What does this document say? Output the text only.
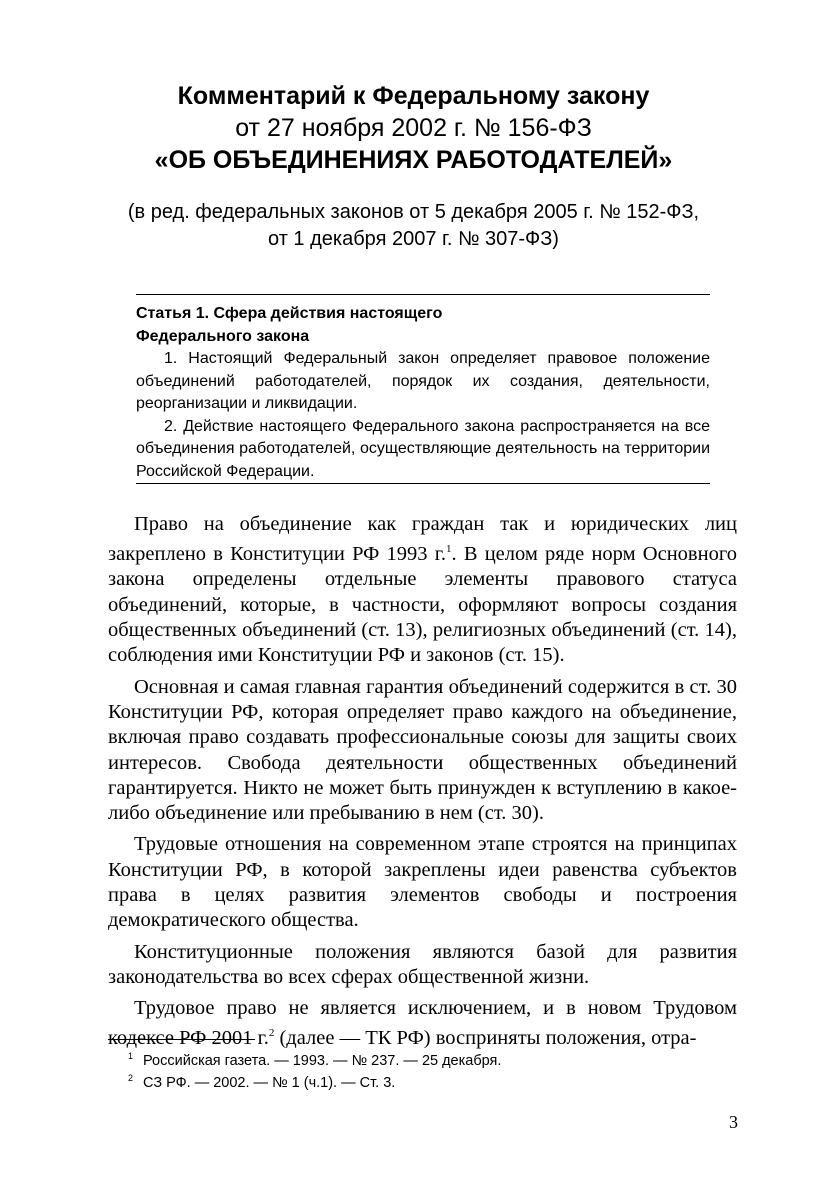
Комментарий к Федеральному закону
от 27 ноября 2002 г. № 156-ФЗ
«ОБ ОБЪЕДИНЕНИЯХ РАБОТОДАТЕЛЕЙ»
(в ред. федеральных законов от 5 декабря 2005 г. № 152-ФЗ,
от 1 декабря 2007 г. № 307-ФЗ)
Статья 1. Сфера действия настоящего
Федерального закона

1. Настоящий Федеральный закон определяет правовое положение объединений работодателей, порядок их создания, деятельности, реорганизации и ликвидации.

2. Действие настоящего Федерального закона распространяется на все объединения работодателей, осуществляющие деятельность на территории Российской Федерации.

Право на объединение как граждан так и юридических лиц закреплено в Конституции РФ 1993 г.$^1$. В целом ряде норм Основного закона определены отдельные элементы правового статуса объединений, которые, в частности, оформляют вопросы создания общественных объединений (ст. 13), религиозных объединений (ст. 14), соблюдения ими Конституции РФ и законов (ст. 15).

Основная и самая главная гарантия объединений содержится в ст. 30 Конституции РФ, которая определяет право каждого на объединение, включая право создавать профессиональные союзы для защиты своих интересов. Свобода деятельности общественных объединений гарантируется. Никто не может быть принужден к вступлению в какое-либо объединение или пребыванию в нем (ст. 30).

Трудовые отношения на современном этапе строятся на принципах Конституции РФ, в которой закреплены идеи равенства субъектов права в целях развития элементов свободы и построения демократического общества.

Конституционные положения являются базой для развития законодательства во всех сферах общественной жизни.

Трудовое право не является исключением, и в новом Трудовом кодексе РФ 2001 г.$^2$ (далее — ТК РФ) восприняты положения, отра-

$^1$ Российская газета. — 1993. — № 237. — 25 декабря.
$^2$ СЗ РФ. — 2002. — № 1 (ч.1). — Ст. 3.
3
